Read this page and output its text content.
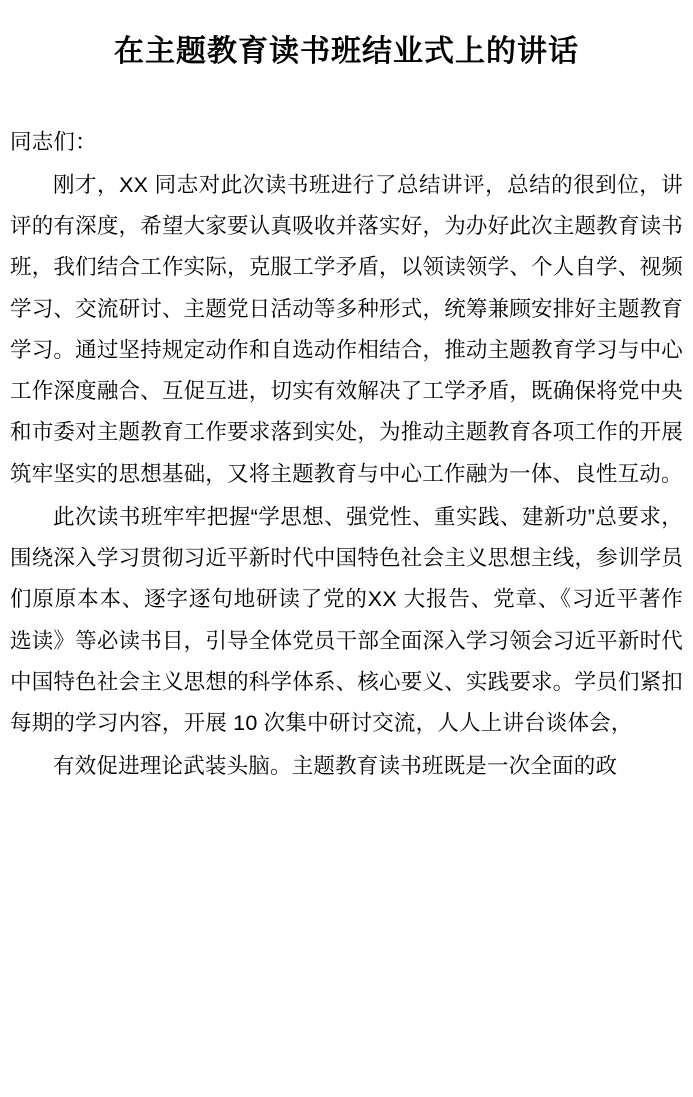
在主题教育读书班结业式上的讲话

同志们：

刚才，XX 同志对此次读书班进行了总结讲评，总结的很到位，讲评的有深度，希望大家要认真吸收并落实好，为办好此次主题教育读书班，我们结合工作实际，克服工学矛盾，以领读领学、个人自学、视频学习、交流研讨、主题党日活动等多种形式，统筹兼顾安排好主题教育学习。通过坚持规定动作和自选动作相结合，推动主题教育学习与中心工作深度融合、互促互进，切实有效解决了工学矛盾，既确保将党中央和市委对主题教育工作要求落到实处，为推动主题教育各项工作的开展筑牢坚实的思想基础，又将主题教育与中心工作融为一体、良性互动。

此次读书班牢牢把握“学思想、强党性、重实践、建新功”总要求，围绕深入学习贯彻习近平新时代中国特色社会主义思想主线，参训学员们原原本本、逐字逐句地研读了党的XX 大报告、党章、《习近平著作选读》等必读书目，引导全体党员干部全面深入学习领会习近平新时代中国特色社会主义思想的科学体系、核心要义、实践要求。学员们紧扣每期的学习内容，开展 10 次集中研讨交流，人人上讲台谈体会，

有效促进理论武装头脑。主题教育读书班既是一次全面的政
